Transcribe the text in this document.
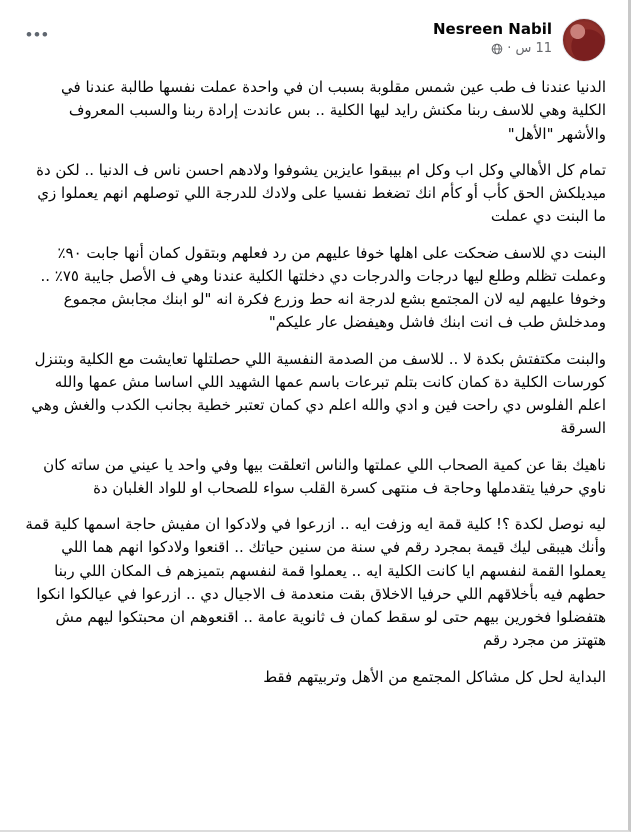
Nesreen Nabil
11 س
·
•••

الدنيا عندنا ف طب عين شمس مقلوبة بسبب ان في واحدة عملت نفسها طالبة عندنا في الكلية وهي للاسف ربنا مكنش رايد ليها الكلية .. بس عاندت إرادة ربنا والسبب المعروف والأشهر "الأهل"

تمام كل الأهالي وكل اب وكل ام بيبقوا عايزين يشوفوا ولادهم احسن ناس ف الدنيا .. لكن دة ميديلكش الحق كأب أو كأم انك تضغط نفسيا على ولادك للدرجة اللي توصلهم انهم يعملوا زي ما البنت دي عملت

البنت دي للاسف ضحكت على اهلها خوفا عليهم من رد فعلهم وبتقول كمان أنها جابت ٩٠٪ وعملت تظلم وطلع ليها درجات والدرجات دي دخلتها الكلية عندنا وهي ف الأصل جايبة ٧٥٪ .. وخوفا عليهم ليه لان المجتمع بشع لدرجة انه حط وزرع فكرة انه "لو ابنك مجابش مجموع ومدخلش طب ف انت ابنك فاشل وهيفضل عار عليكم"

والبنت مكتفتش بكدة لا .. للاسف من الصدمة النفسية اللي حصلتلها تعايشت مع الكلية وبتنزل كورسات الكلية دة كمان كانت بتلم تبرعات باسم عمها الشهيد اللي اساسا مش عمها والله اعلم الفلوس دي راحت فين و ادي والله اعلم دي كمان تعتبر خطية بجانب الكدب والغش وهي السرقة

ناهيك بقا عن كمية الصحاب اللي عملتها والناس اتعلقت بيها وفي واحد يا عيني من ساته كان ناوي حرفيا يتقدملها وحاجة ف منتهى كسرة القلب سواء للصحاب او للواد الغلبان دة

ليه نوصل لكدة ؟! كلية قمة ايه وزفت ايه .. ازرعوا في ولادكوا ان مفيش حاجة اسمها كلية قمة وأنك هيبقى ليك قيمة بمجرد رقم في سنة من سنين حياتك .. اقنعوا ولادكوا انهم هما اللي يعملوا القمة لنفسهم ايا كانت الكلية ايه .. يعملوا قمة لنفسهم بتميزهم ف المكان اللي ربنا حطهم فيه بأخلاقهم اللي حرفيا الاخلاق بقت منعدمة ف الاجيال دي .. ازرعوا في عيالكوا انكوا هتفضلوا فخورين بيهم حتى لو سقط كمان ف ثانوية عامة .. اقنعوهم ان محبتكوا ليهم مش هتهتز من مجرد رقم

البداية لحل كل مشاكل المجتمع من الأهل وتربيتهم فقط
